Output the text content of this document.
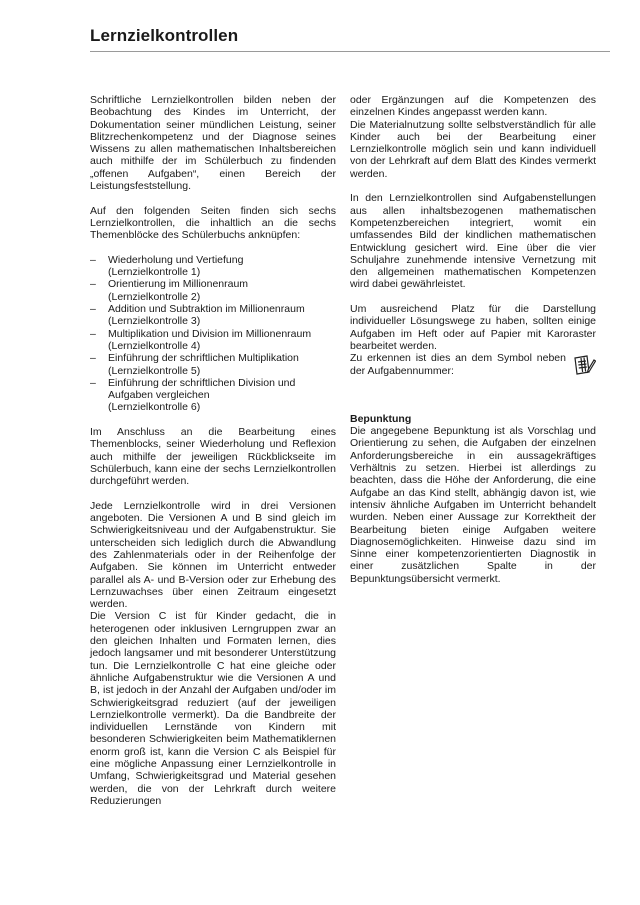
Lernzielkontrollen

Schriftliche Lernzielkontrollen bilden neben der Beobachtung des Kindes im Unterricht, der Dokumentation seiner mündlichen Leistung, seiner Blitzrechenkompetenz und der Diagnose seines Wissens zu allen mathematischen Inhaltsbereichen auch mithilfe der im Schülerbuch zu findenden „offenen Aufgaben“, einen Bereich der Leistungsfeststellung.

Auf den folgenden Seiten finden sich sechs Lernzielkontrollen, die inhaltlich an die sechs Themenblöcke des Schülerbuchs anknüpfen:

– Wiederholung und Vertiefung
(Lernzielkontrolle 1)
– Orientierung im Millionenraum
(Lernzielkontrolle 2)
– Addition und Subtraktion im Millionenraum
(Lernzielkontrolle 3)
– Multiplikation und Division im Millionenraum
(Lernzielkontrolle 4)
– Einführung der schriftlichen Multiplikation
(Lernzielkontrolle 5)
– Einführung der schriftlichen Division und Aufgaben vergleichen
(Lernzielkontrolle 6)

Im Anschluss an die Bearbeitung eines Themenblocks, seiner Wiederholung und Reflexion auch mithilfe der jeweiligen Rückblickseite im Schülerbuch, kann eine der sechs Lernzielkontrollen durchgeführt werden.

Jede Lernzielkontrolle wird in drei Versionen angeboten. Die Versionen A und B sind gleich im Schwierigkeitsniveau und der Aufgabenstruktur. Sie unterscheiden sich lediglich durch die Abwandlung des Zahlenmaterials oder in der Reihenfolge der Aufgaben. Sie können im Unterricht entweder parallel als A- und B-Version oder zur Erhebung des Lernzuwachses über einen Zeitraum eingesetzt werden.

Die Version C ist für Kinder gedacht, die in heterogenen oder inklusiven Lerngruppen zwar an den gleichen Inhalten und Formaten lernen, dies jedoch langsamer und mit besonderer Unterstützung tun. Die Lernzielkontrolle C hat eine gleiche oder ähnliche Aufgabenstruktur wie die Versionen A und B, ist jedoch in der Anzahl der Aufgaben und/oder im Schwierigkeitsgrad reduziert (auf der jeweiligen Lernzielkontrolle vermerkt). Da die Bandbreite der individuellen Lernstände von Kindern mit besonderen Schwierigkeiten beim Mathematiklernen enorm groß ist, kann die Version C als Beispiel für eine mögliche Anpassung einer Lernzielkontrolle in Umfang, Schwierigkeitsgrad und Material gesehen werden, die von der Lehrkraft durch weitere Reduzierungen

oder Ergänzungen auf die Kompetenzen des einzelnen Kindes angepasst werden kann.

Die Materialnutzung sollte selbstverständlich für alle Kinder auch bei der Bearbeitung einer Lernzielkontrolle möglich sein und kann individuell von der Lehrkraft auf dem Blatt des Kindes vermerkt werden.

In den Lernzielkontrollen sind Aufgabenstellungen aus allen inhaltsbezogenen mathematischen Kompetenzbereichen integriert, womit ein umfassendes Bild der kindlichen mathematischen Entwicklung gesichert wird. Eine über die vier Schuljahre zunehmende intensive Vernetzung mit den allgemeinen mathematischen Kompetenzen wird dabei gewährleistet.

Um ausreichend Platz für die Darstellung individueller Lösungswege zu haben, sollten einige Aufgaben im Heft oder auf Papier mit Karoraster bearbeitet werden.

Zu erkennen ist dies an dem Symbol neben der Aufgabennummer:

Bepunktung

Die angegebene Bepunktung ist als Vorschlag und Orientierung zu sehen, die Aufgaben der einzelnen Anforderungsbereiche in ein aussagekräftiges Verhältnis zu setzen. Hierbei ist allerdings zu beachten, dass die Höhe der Anforderung, die eine Aufgabe an das Kind stellt, abhängig davon ist, wie intensiv ähnliche Aufgaben im Unterricht behandelt wurden. Neben einer Aussage zur Korrektheit der Bearbeitung bieten einige Aufgaben weitere Diagnosemöglichkeiten. Hinweise dazu sind im Sinne einer kompetenzorientierten Diagnostik in einer zusätzlichen Spalte in der Bepunktungsübersicht vermerkt.
